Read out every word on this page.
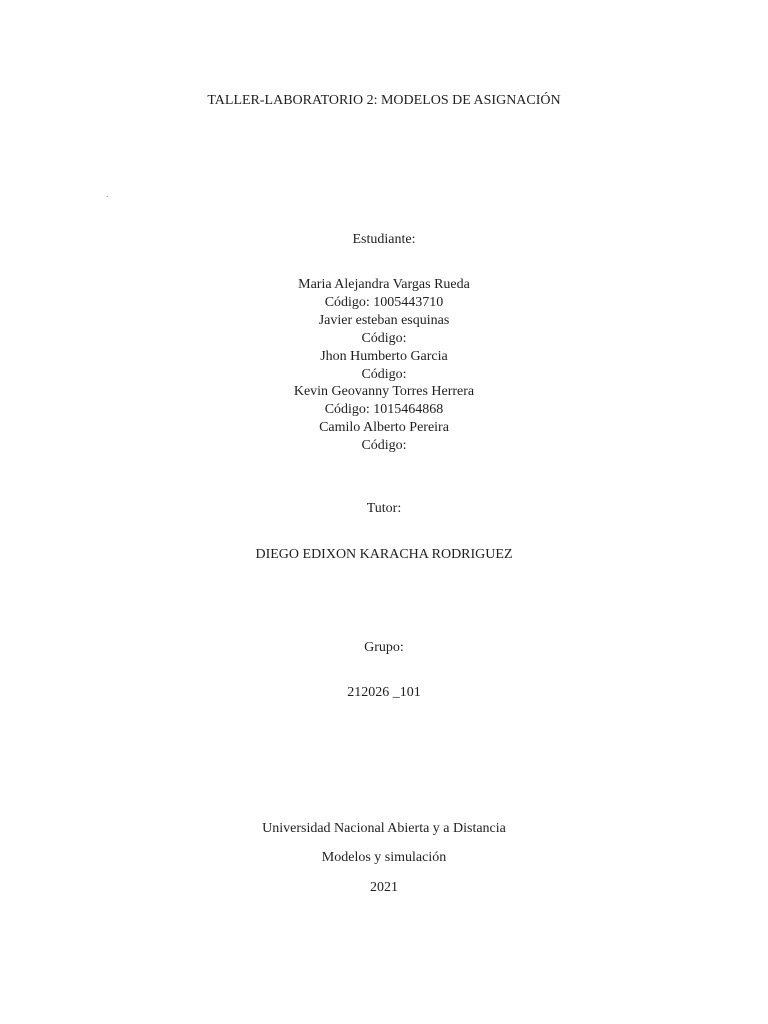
TALLER-LABORATORIO 2: MODELOS DE ASIGNACIÓN
.
Estudiante:
Maria Alejandra Vargas Rueda
Código: 1005443710
Javier esteban esquinas
Código:
Jhon Humberto Garcia
Código:
Kevin Geovanny Torres Herrera
Código: 1015464868
Camilo Alberto Pereira
Código:
Tutor:
DIEGO EDIXON KARACHA RODRIGUEZ
Grupo:
212026 _101
Universidad Nacional Abierta y a Distancia
Modelos y simulación
2021
